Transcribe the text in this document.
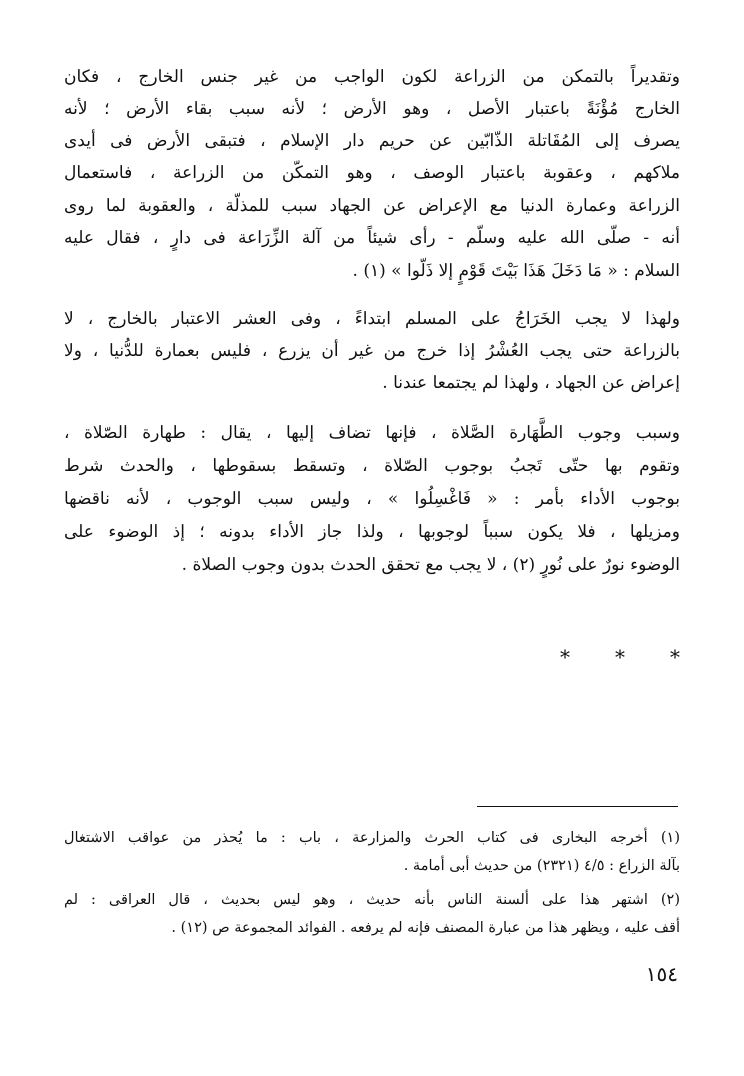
وتقديراً بالتمكن من الزراعة لكون الواجب من غير جنس الخارج ، فكان
الخارج مُؤْنَةً باعتبار الأصل ، وهو الأرض ؛ لأنه سبب بقاء الأرض ؛ لأنه
يصرف إلى المُقَاتلة الذّابّين عن حريم دار الإسلام ، فتبقى الأرض فى أيدى
ملاكهم ، وعقوبة باعتبار الوصف ، وهو التمكّن من الزراعة ، فاستعمال
الزراعة وعمارة الدنيا مع الإعراض عن الجهاد سبب للمذلّة ، والعقوبة لما روى
أنه - صلّى الله عليه وسلّم - رأى شيئاً من آلة الزِّرَاعة فى دارٍ ، فقال عليه
السلام : « مَا دَخَلَ هَذَا بَيْتَ قَوْمٍ إلا ذَلّوا » (١) .
ولهذا لا يجب الخَرَاجُ على المسلم ابتداءً ، وفى العشر الاعتبار بالخارج ، لا
بالزراعة حتى يجب العُشْرُ إذا خرج من غير أن يزرع ، فليس بعمارة للدُّنيا ، ولا
إعراض عن الجهاد ، ولهذا لم يجتمعا عندنا .
وسبب وجوب الطَّهَارة الصَّلاة ، فإنها تضاف إليها ، يقال : طهارة الصّلاة ،
وتقوم بها حتّى تَجبُ بوجوب الصّلاة ، وتسقط بسقوطها ، والحدث شرط
بوجوب الأداء بأمر : « فَاغْسِلُوا » ، وليس سبب الوجوب ، لأنه ناقضها
ومزيلها ، فلا يكون سبباً لوجوبها ، ولذا جاز الأداء بدونه ؛ إذ الوضوء على
الوضوء نورٌ على نُورٍ (٢) ، لا يجب مع تحقق الحدث بدون وجوب الصلاة .
* * *
(١) أخرجه البخارى فى كتاب الحرث والمزارعة ، باب : ما يُحذر من عواقب الاشتغال
بآلة الزراع : ٤/٥ (٢٣٢١) من حديث أبى أمامة .
(٢) اشتهر هذا على ألسنة الناس بأنه حديث ، وهو ليس بحديث ، قال العراقى : لم
أقف عليه ، ويظهر هذا من عبارة المصنف فإنه لم يرفعه . الفوائد المجموعة ص (١٢) .
١٥٤
